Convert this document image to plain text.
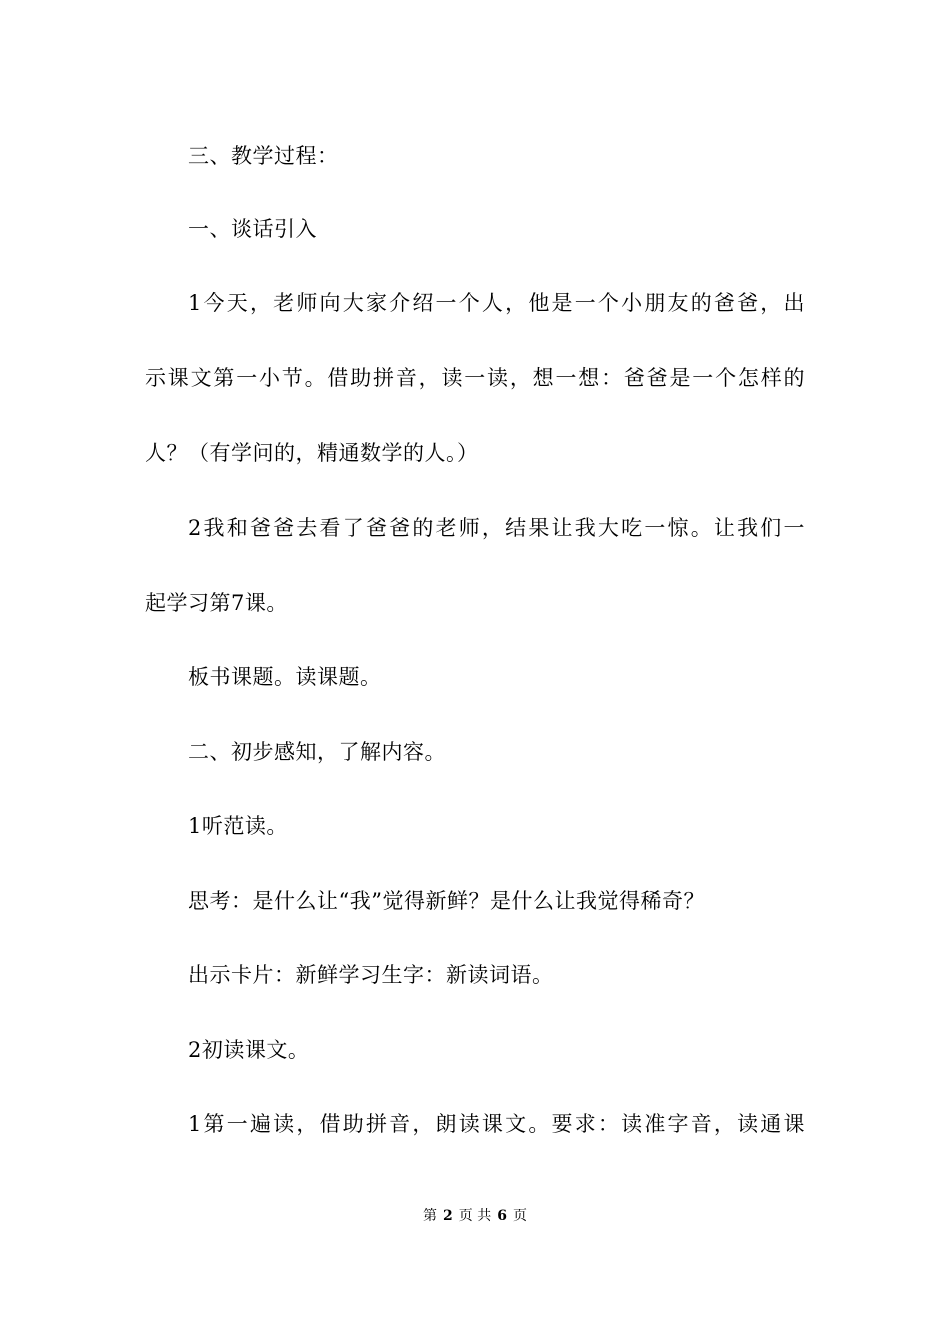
三、教学过程：
一、谈话引入
1今天，老师向大家介绍一个人，他是一个小朋友的爸爸，出
示课文第一小节。借助拼音，读一读，想一想：爸爸是一个怎样的
人？（有学问的，精通数学的人。）
2我和爸爸去看了爸爸的老师，结果让我大吃一惊。让我们一
起学习第7课。
板书课题。读课题。
二、初步感知，了解内容。
1听范读。
思考：是什么让“我”觉得新鲜？是什么让我觉得稀奇？
出示卡片：新鲜学习生字：新读词语。
2初读课文。
1第一遍读，借助拼音，朗读课文。要求：读准字音，读通课
第 2 页 共 6 页
